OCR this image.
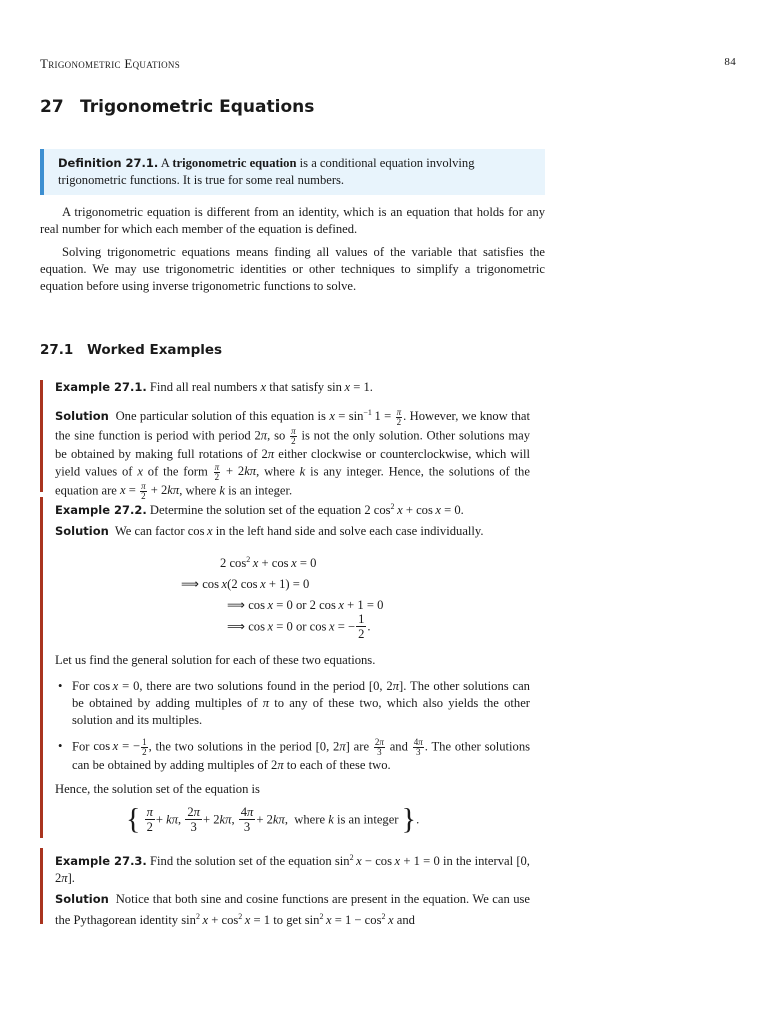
Trigonometric Equations	84
27 Trigonometric Equations
Definition 27.1. A trigonometric equation is a conditional equation involving
trigonometric functions. It is true for some real numbers.
A trigonometric equation is different from an identity, which is an equation that holds for any real number for which each member of the equation is defined.
Solving trigonometric equations means finding all values of the variable that satisfies the equation. We may use trigonometric identities or other techniques to simplify a trigonometric equation before using inverse trigonometric functions to solve.
27.1 Worked Examples
Example 27.1. Find all real numbers x that satisfy sin x = 1.
Solution One particular solution of this equation is $x = \sin^{-1} 1 = \frac{\pi}{2}$ . However, we know that the sine function is period with period 2π, so $\frac{\pi}{2}$ is not the only solution. Other solutions may be obtained by making full rotations of 2π either clockwise or counterclockwise, which will yield values of x of the form $\frac{\pi}{2} + 2k\pi$, where k is any integer. Hence, the solutions of the equation are $x = \frac{\pi}{2} + 2k\pi$, where k is an integer.
Example 27.2. Determine the solution set of the equation 2 $\cos^2 x + \cos x = 0$.
Solution We can factor cos x in the left hand side and solve each case individually.
2 $\cos^2 x + \cos x = 0$
⟹ cos x(2 cos x + 1) = 0
⟹ cos x = 0 or 2 cos x + 1 = 0
⟹ cos x = 0 or cos x = − $\frac{1}{2}$ .
Let us find the general solution for each of these two equations.
• For cos x = 0, there are two solutions found in the period [0, 2π]. The other solutions can be obtained by adding multiples of π to any of these two, which also yields the other solution and its multiples.
• For cos x = − $\frac{1}{2}$ , the two solutions in the period [0, 2π] are $\frac{2\pi}{3}$ and $\frac{4\pi}{3}$ . The other solutions can be obtained by adding multiples of 2π to each of these two.
Hence, the solution set of the equation is
{ $\frac{\pi}{2} + k\pi$, $\frac{2\pi}{3} + 2k\pi$, $\frac{4\pi}{3} + 2k\pi$, where k is an integer }.
Example 27.3. Find the solution set of the equation $\sin^2 x - \cos x + 1 = 0$ in the interval [0, 2π].
Solution Notice that both sine and cosine functions are present in the equation. We can use the Pythagorean identity $\sin^2 x + \cos^2 x = 1$ to get $\sin^2 x = 1 - \cos^2 x$ and
